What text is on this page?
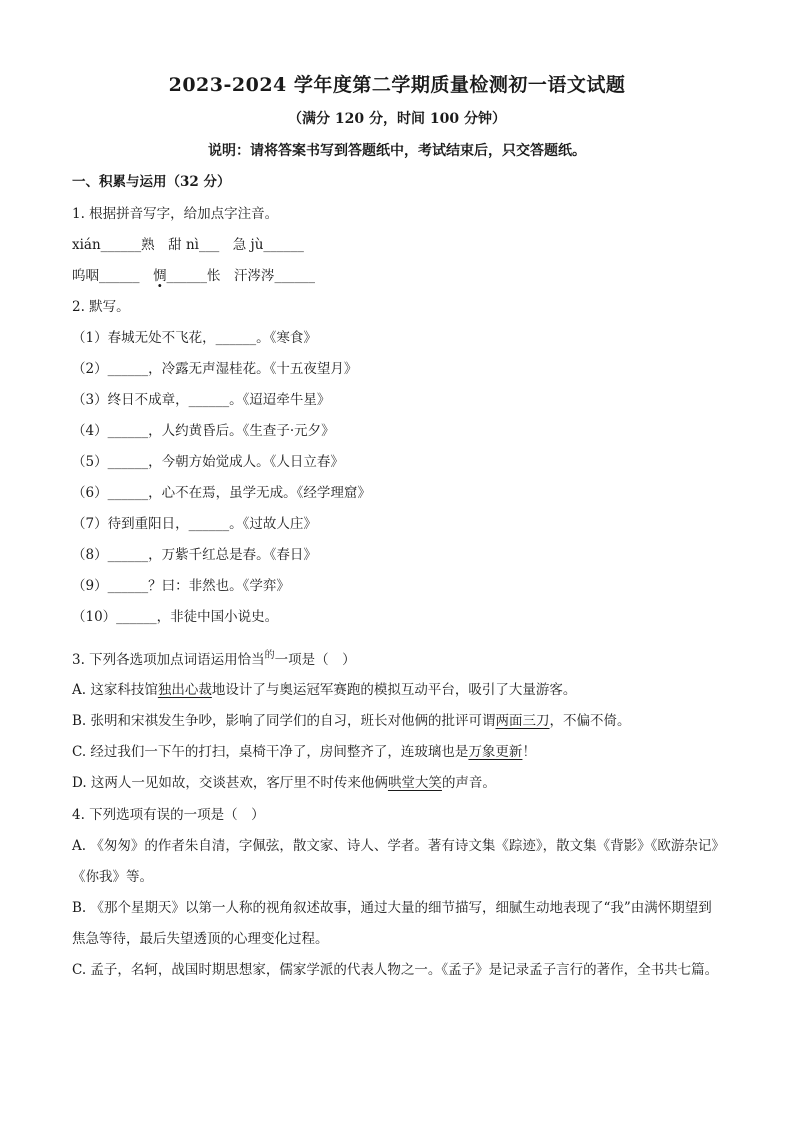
2023-2024 学年度第二学期质量检测初一语文试题
（满分 120 分，时间 100 分钟）
说明：请将答案书写到答题纸中，考试结束后，只交答题纸。
一、积累与运用（32 分）
1. 根据拼音写字，给加点字注音。
xián______熟　甜 nì___　急 jù______
呜咽______　惆______怅　汗涔涔______
2. 默写。
（1）春城无处不飞花，______。《寒食》
（2）______，冷露无声湿桂花。《十五夜望月》
（3）终日不成章，______。《迢迢牵牛星》
（4）______，人约黄昏后。《生查子·元夕》
（5）______，今朝方始觉成人。《人日立春》
（6）______，心不在焉，虽学无成。《经学理窟》
（7）待到重阳日，______。《过故人庄》
（8）______，万紫千红总是春。《春日》
（9）______？曰：非然也。《学弈》
（10）______，非徒中国小说史。
3. 下列各选项加点词语运用恰当$^的$一项是（　）
A. 这家科技馆独出心裁地设计了与奥运冠军赛跑的模拟互动平台，吸引了大量游客。
B. 张明和宋祺发生争吵，影响了同学们的自习，班长对他俩的批评可谓两面三刀，不偏不倚。
C. 经过我们一下午的打扫，桌椅干净了，房间整齐了，连玻璃也是万象更新！
D. 这两人一见如故，交谈甚欢，客厅里不时传来他俩哄堂大笑的声音。
4. 下列选项有误的一项是（　）
A. 《匆匆》的作者朱自清，字佩弦，散文家、诗人、学者。著有诗文集《踪迹》，散文集《背影》《欧游杂记》《你我》等。
B. 《那个星期天》以第一人称的视角叙述故事，通过大量的细节描写，细腻生动地表现了“我”由满怀期望到焦急等待，最后失望透顶的心理变化过程。
C. 孟子，名轲，战国时期思想家，儒家学派的代表人物之一。《孟子》是记录孟子言行的著作，全书共七篇。
